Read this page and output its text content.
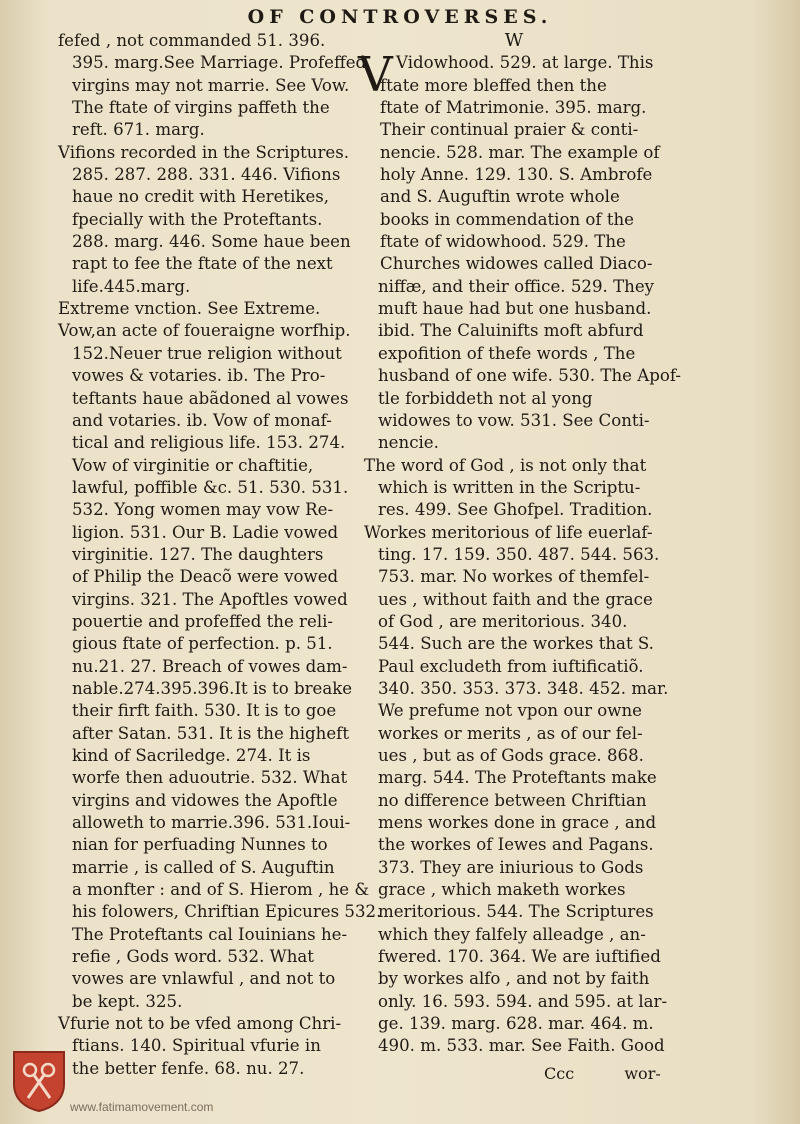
OF CONTROVERSES.
fefed , not commanded 51. 396.
395. marg.See Marriage. Profeffed
virgins may not marrie. See Vow.
The ftate of virgins paffeth the
reft. 671. marg.
Vifions recorded in the Scriptures.
285. 287. 288. 331. 446. Vifions
haue no credit with Heretikes,
fpecially with the Proteftants.
288. marg. 446. Some haue been
rapt to fee the ftate of the next
life.445.marg.
Extreme vnction. See Extreme.
Vow,an acte of foueraigne worfhip.
152.Neuer true religion without
vowes & votaries. ib. The Pro-
teftants haue abãdoned al vowes
and votaries. ib. Vow of monaf-
tical and religious life. 153. 274.
Vow of virginitie or chaftitie,
lawful, poffible &c. 51. 530. 531.
532. Yong women may vow Re-
ligion. 531. Our B. Ladie vowed
virginitie. 127. The daughters
of Philip the Deacõ were vowed
virgins. 321. The Apoftles vowed
pouertie and profeffed the reli-
gious ftate of perfection. p. 51.
nu.21. 27. Breach of vowes dam-
nable.274.395.396.It is to breake
their firft faith. 530. It is to goe
after Satan. 531. It is the higheft
kind of Sacriledge. 274. It is
worfe then aduoutrie. 532. What
virgins and vidowes the Apoftle
alloweth to marrie.396. 531.Ioui-
nian for perfuading Nunnes to
marrie , is called of S. Auguftin
a monfter : and of S. Hierom , he &
his folowers, Chriftian Epicures 532.
The Proteftants cal Iouinians he-
refie , Gods word. 532. What
vowes are vnlawful , and not to
be kept. 325.
Vfurie not to be vfed among Chri-
ftians. 140. Spiritual vfurie in
the better fenfe. 68. nu. 27.
W
V Vidowhood. 529. at large. This
ftate more bleffed then the
ftate of Matrimonie. 395. marg.
Their continual praier & conti-
nencie. 528. mar. The example of
holy Anne. 129. 130. S. Ambrofe
and S. Auguftin wrote whole
books in commendation of the
ftate of widowhood. 529. The
Churches widowes called Diaco-
niffæ, and their office. 529. They
muft haue had but one husband.
ibid. The Caluinifts moft abfurd
expofition of thefe words , The
husband of one wife. 530. The Apof-
tle forbiddeth not al yong
widowes to vow. 531. See Conti-
nencie.
The word of God , is not only that
which is written in the Scriptu-
res. 499. See Ghofpel. Tradition.
Workes meritorious of life euerlaf-
ting. 17. 159. 350. 487. 544. 563.
753. mar. No workes of themfel-
ues , without faith and the grace
of God , are meritorious. 340.
544. Such are the workes that S.
Paul excludeth from iuftificatiõ.
340. 350. 353. 373. 348. 452. mar.
We prefume not vpon our owne
workes or merits , as of our fel-
ues , but as of Gods grace. 868.
marg. 544. The Proteftants make
no difference between Chriftian
mens workes done in grace , and
the workes of Iewes and Pagans.
373. They are iniurious to Gods
grace , which maketh workes
meritorious. 544. The Scriptures
which they falfely alleadge , an-
fwered. 170. 364. We are iuftified
by workes alfo , and not by faith
only. 16. 593. 594. and 595. at lar-
ge. 139. marg. 628. mar. 464. m.
490. m. 533. mar. See Faith. Good
Ccc	wor-
www.fatimamovement.com
